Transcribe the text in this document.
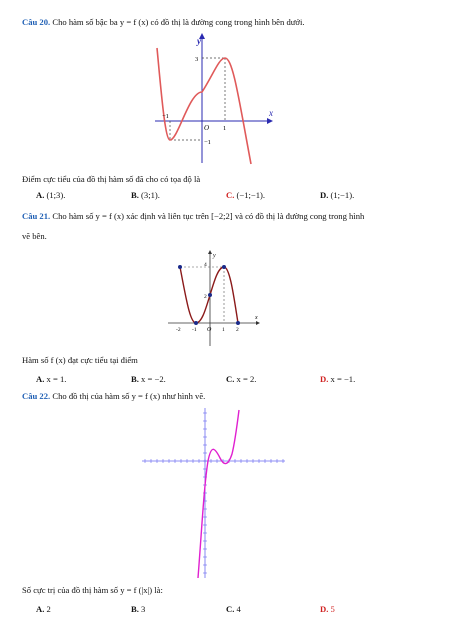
Câu 20. Cho hàm số bậc ba y = f (x) có đồ thị là đường cong trong hình bên dưới.
y
x
3
−1
−1
1
O
Điểm cực tiểu của đồ thị hàm số đã cho có tọa độ là
A. (1;3).	B. (3;1).	C. (−1;−1).	D. (1;−1).
Câu 21. Cho hàm số y = f (x) xác định và liên tục trên [−2;2] và có đồ thị là đường cong trong hình
vẽ bên.
y
x
4
2
-2 -1 O 1 2
Hàm số f (x) đạt cực tiểu tại điểm
A. x = 1.	B. x = −2.	C. x = 2.	D. x = −1.
Câu 22. Cho đồ thị của hàm số y = f (x) như hình vẽ.
Số cực trị của đồ thị hàm số y = f (|x|) là:
A. 2	B. 3	C. 4	D. 5
